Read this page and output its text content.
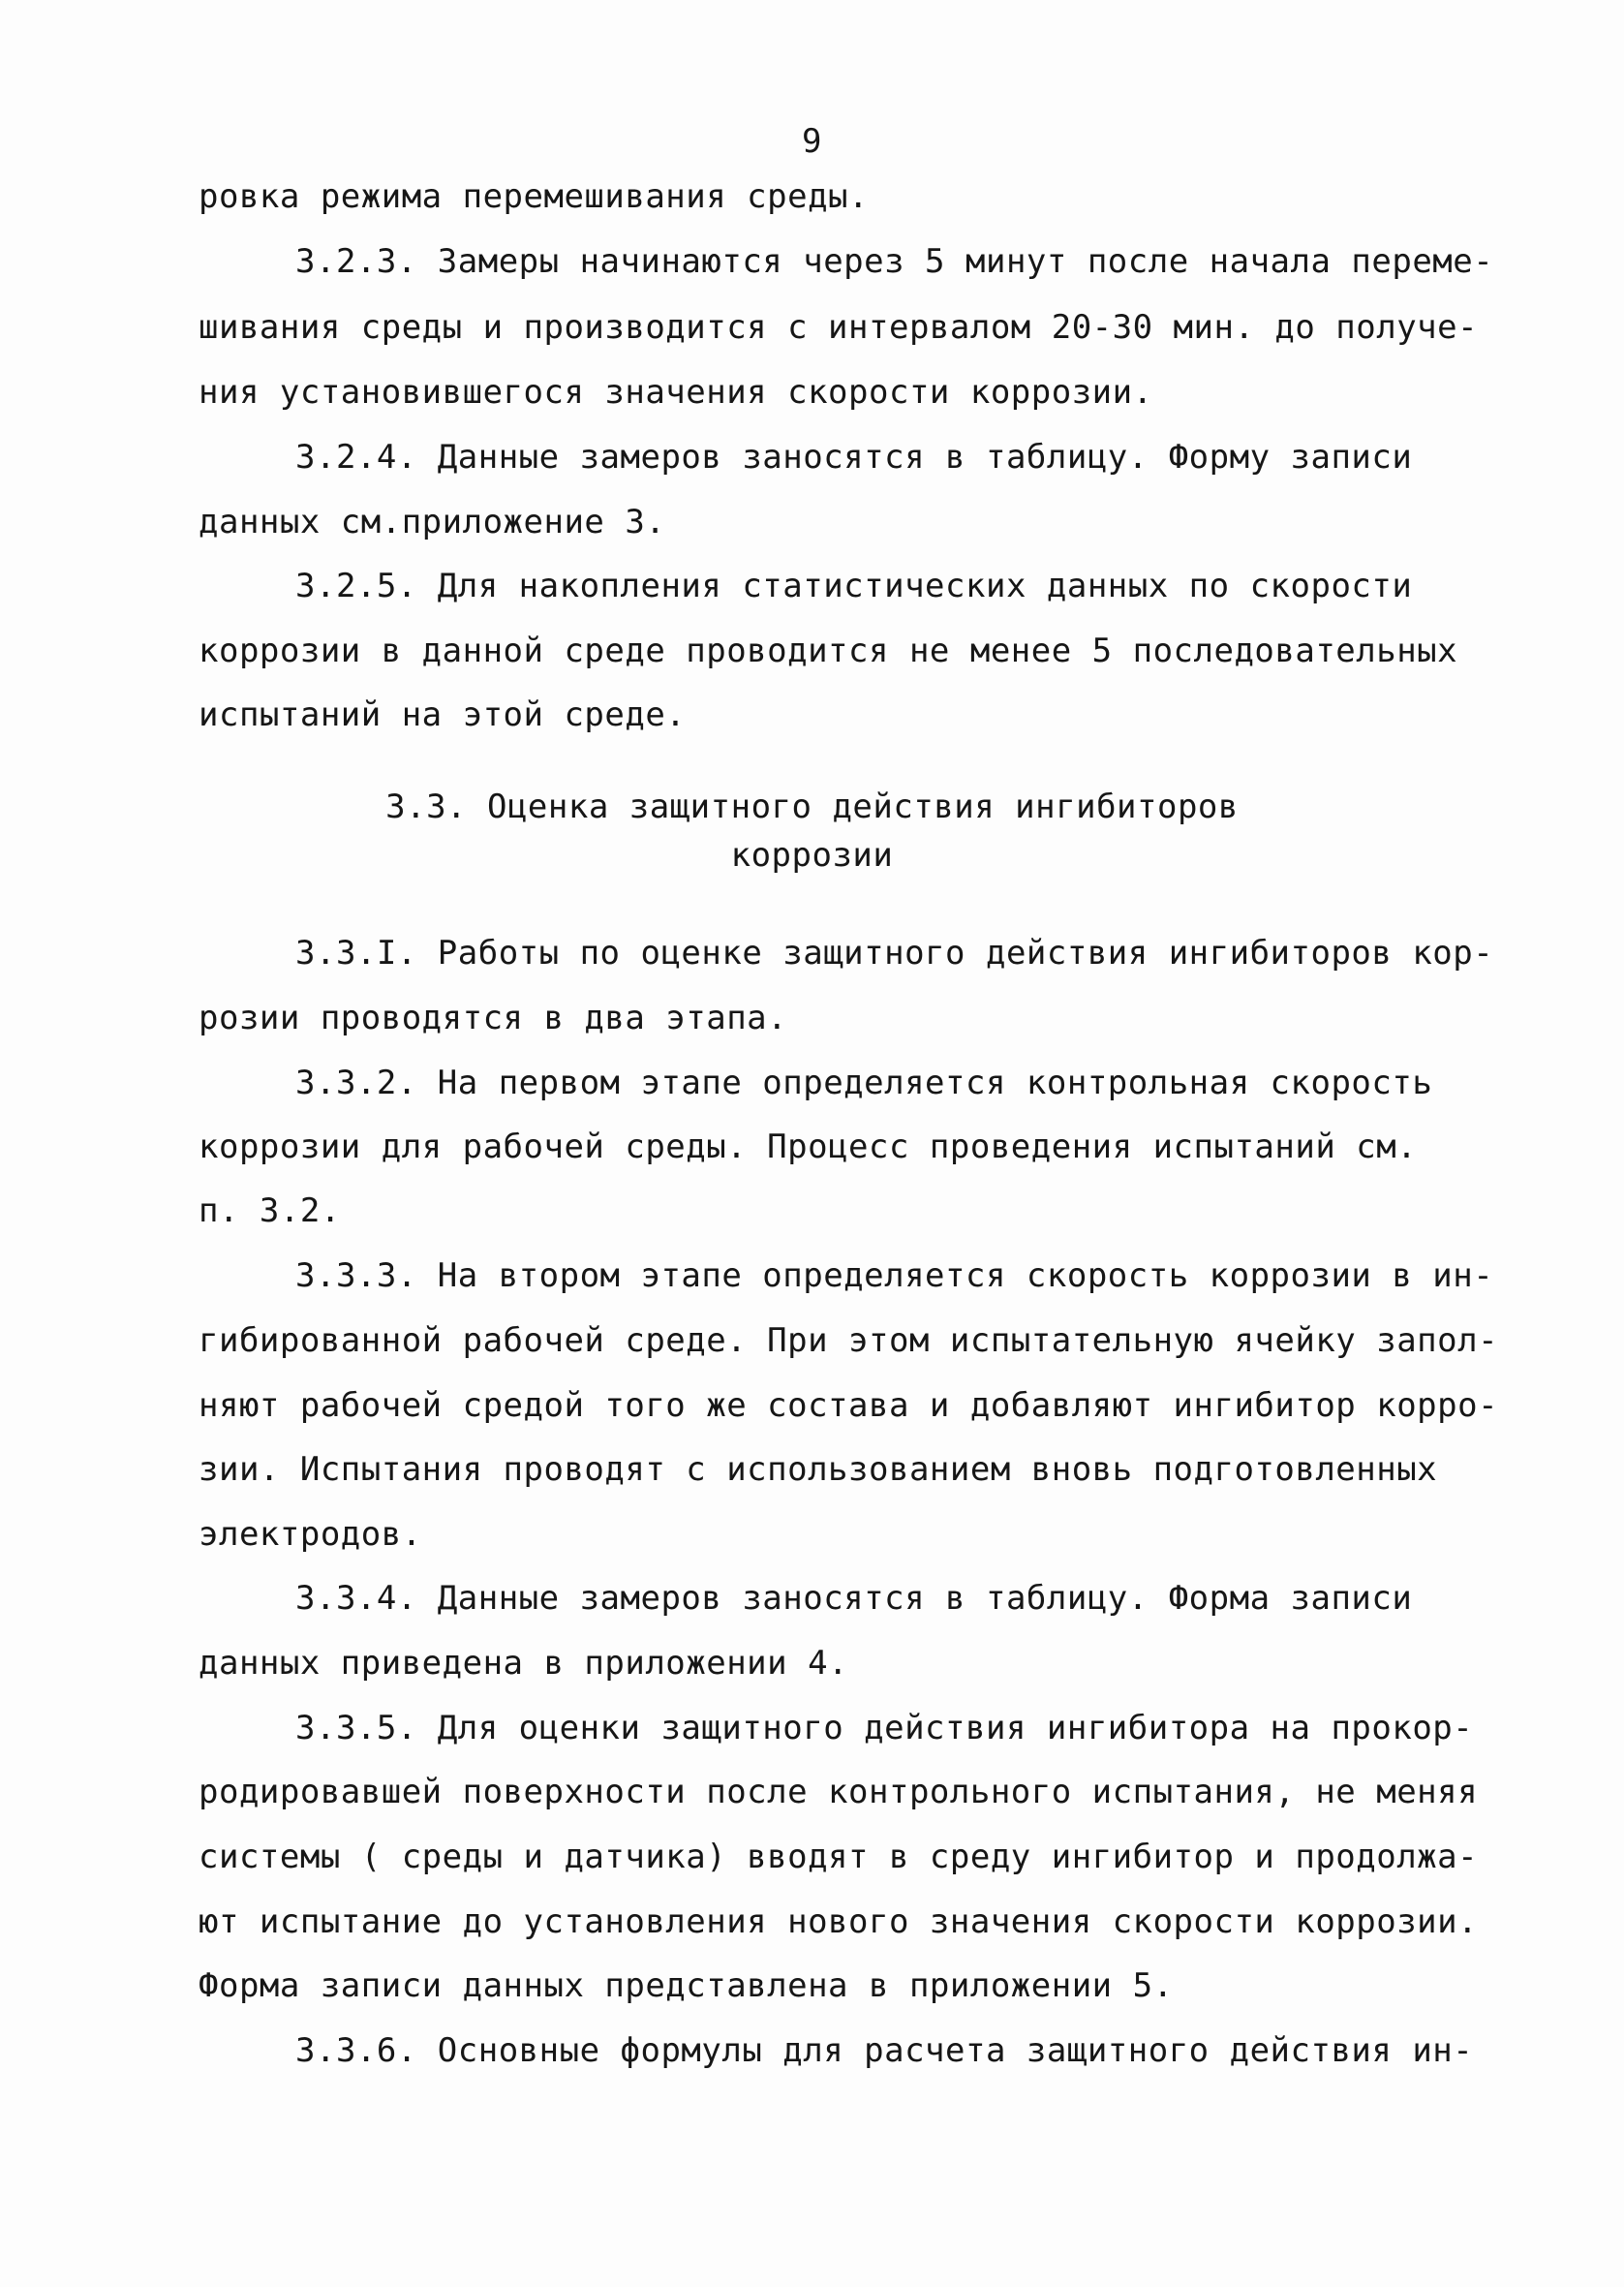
9
ровка режима перемешивания среды.
3.2.3. Замеры начинаются через 5 минут после начала переме-
шивания среды и производится с интервалом 20-30 мин. до получе-
ния установившегося значения скорости коррозии.
3.2.4. Данные замеров заносятся в таблицу. Форму записи
данных см.приложение 3.
3.2.5. Для накопления статистических данных по скорости
коррозии в данной среде проводится не менее 5 последовательных
испытаний на этой среде.
3.3. Оценка защитного действия ингибиторов
коррозии
3.3.I. Работы по оценке защитного действия ингибиторов кор-
розии проводятся в два этапа.
3.3.2. На первом этапе определяется контрольная скорость
коррозии для рабочей среды. Процесс проведения испытаний см.
п. 3.2.
3.3.3. На втором этапе определяется скорость коррозии в ин-
гибированной рабочей среде. При этом испытательную ячейку запол-
няют рабочей средой того же состава и добавляют ингибитор корро-
зии. Испытания проводят с использованием вновь подготовленных
электродов.
3.3.4. Данные замеров заносятся в таблицу. Форма записи
данных приведена в приложении 4.
3.3.5. Для оценки защитного действия ингибитора на прокор-
родировавшей поверхности после контрольного испытания, не меняя
системы ( среды и датчика) вводят в среду ингибитор и продолжа-
ют испытание до установления нового значения скорости коррозии.
Форма записи данных представлена в приложении 5.
3.3.6. Основные формулы для расчета защитного действия ин-
